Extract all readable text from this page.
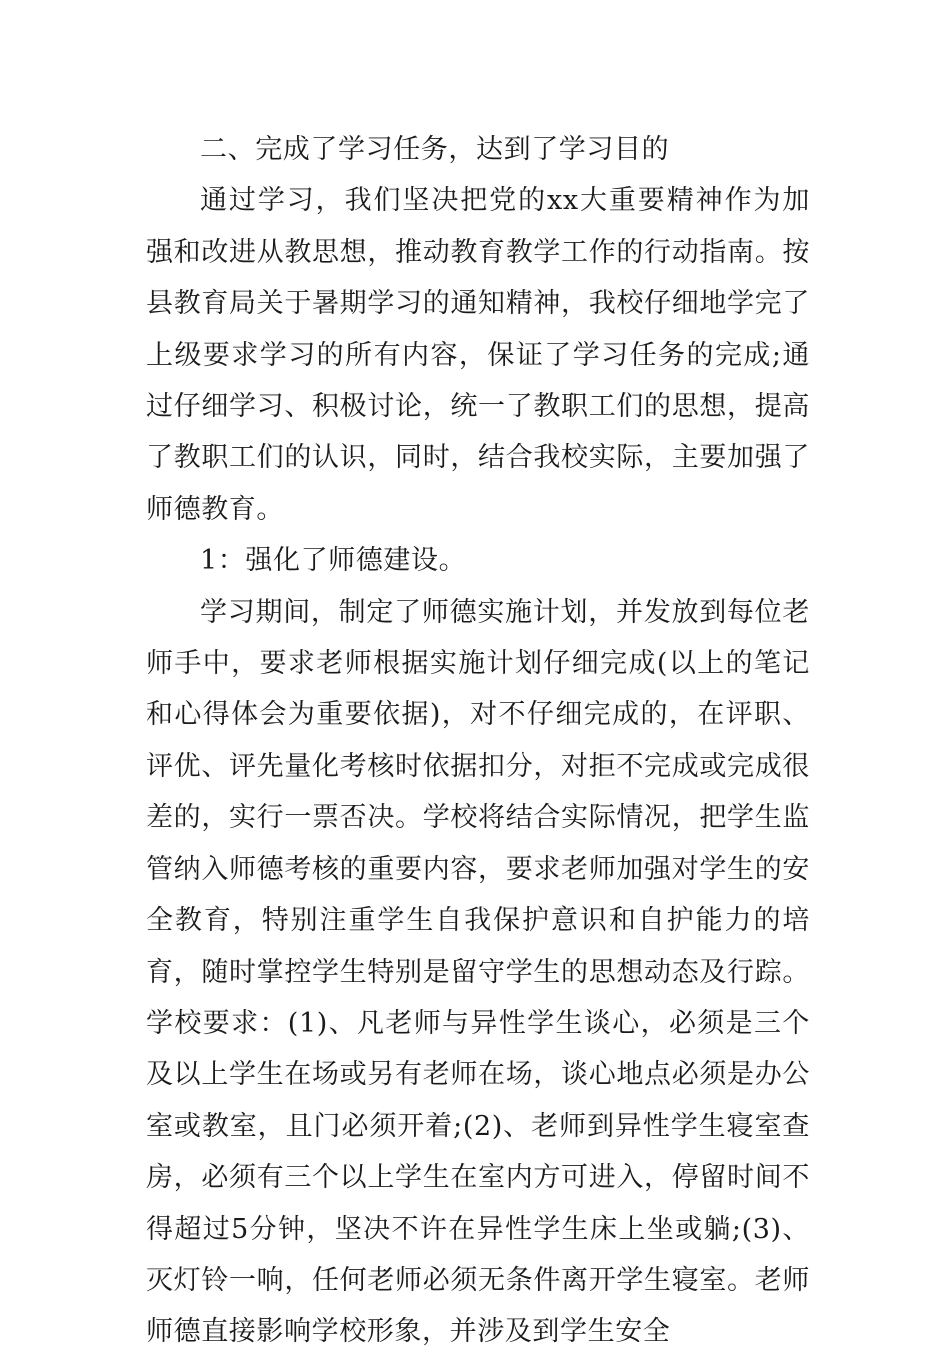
二、完成了学习任务，达到了学习目的

通过学习，我们坚决把党的xx大重要精神作为加强和改进从教思想，推动教育教学工作的行动指南。按县教育局关于暑期学习的通知精神，我校仔细地学完了上级要求学习的所有内容，保证了学习任务的完成;通过仔细学习、积极讨论，统一了教职工们的思想，提高了教职工们的认识，同时，结合我校实际，主要加强了师德教育。

1：强化了师德建设。

学习期间，制定了师德实施计划，并发放到每位老师手中，要求老师根据实施计划仔细完成(以上的笔记和心得体会为重要依据)，对不仔细完成的，在评职、评优、评先量化考核时依据扣分，对拒不完成或完成很差的，实行一票否决。学校将结合实际情况，把学生监管纳入师德考核的重要内容，要求老师加强对学生的安全教育，特别注重学生自我保护意识和自护能力的培育，随时掌控学生特别是留守学生的思想动态及行踪。学校要求：(1)、凡老师与异性学生谈心，必须是三个及以上学生在场或另有老师在场，谈心地点必须是办公室或教室，且门必须开着;(2)、老师到异性学生寝室查房，必须有三个以上学生在室内方可进入，停留时间不得超过5分钟，坚决不许在异性学生床上坐或躺;(3)、灭灯铃一响，任何老师必须无条件离开学生寝室。老师师德直接影响学校形象，并涉及到学生安全
